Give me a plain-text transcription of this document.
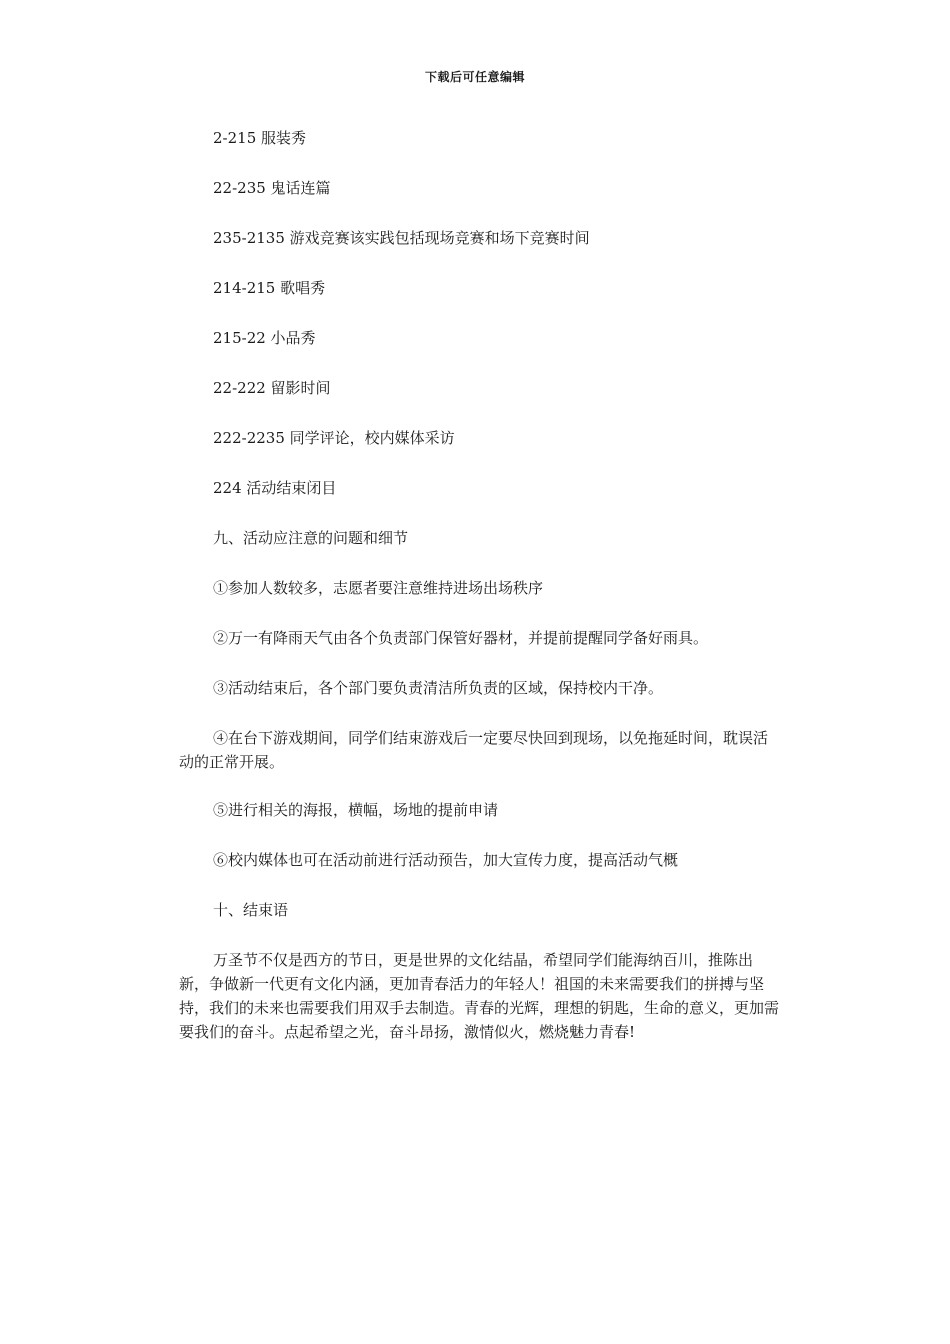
下载后可任意编辑

2-215 服装秀

22-235 鬼话连篇

235-2135 游戏竞赛该实践包括现场竞赛和场下竞赛时间

214-215 歌唱秀

215-22 小品秀

22-222 留影时间

222-2235 同学评论，校内媒体采访

224 活动结束闭目

九、活动应注意的问题和细节

①参加人数较多，志愿者要注意维持进场出场秩序

②万一有降雨天气由各个负责部门保管好器材，并提前提醒同学备好雨具。

③活动结束后，各个部门要负责清洁所负责的区域，保持校内干净。

④在台下游戏期间，同学们结束游戏后一定要尽快回到现场，以免拖延时间，耽误活动的正常开展。

⑤进行相关的海报，横幅，场地的提前申请

⑥校内媒体也可在活动前进行活动预告，加大宣传力度，提高活动气概

十、结束语

万圣节不仅是西方的节日，更是世界的文化结晶，希望同学们能海纳百川，推陈出新，争做新一代更有文化内涵，更加青春活力的年轻人！祖国的未来需要我们的拼搏与坚持，我们的未来也需要我们用双手去制造。青春的光辉，理想的钥匙，生命的意义，更加需要我们的奋斗。点起希望之光，奋斗昂扬，激情似火，燃烧魅力青春!
